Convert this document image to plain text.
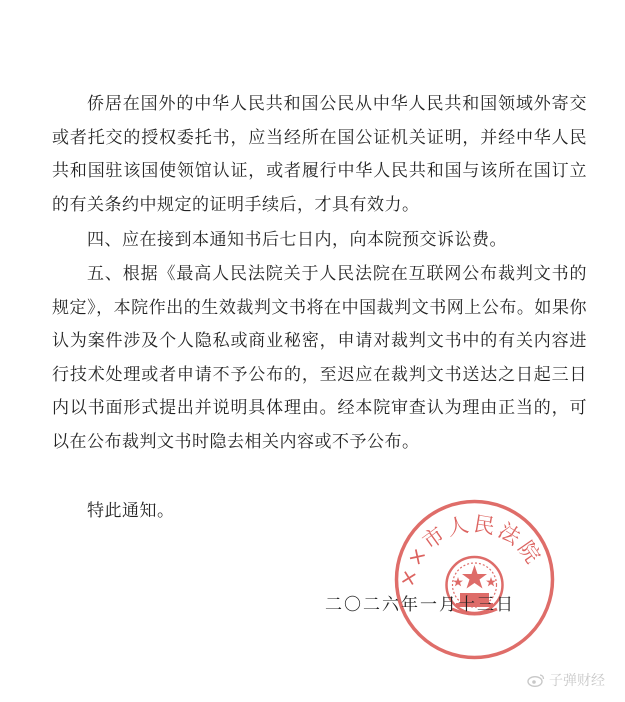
侨居在国外的中华人民共和国公民从中华人民共和国领域外寄交或者托交的授权委托书，应当经所在国公证机关证明，并经中华人民共和国驻该国使领馆认证，或者履行中华人民共和国与该所在国订立的有关条约中规定的证明手续后，才具有效力。

四、应在接到本通知书后七日内，向本院预交诉讼费。

五、根据《最高人民法院关于人民法院在互联网公布裁判文书的规定》，本院作出的生效裁判文书将在中国裁判文书网上公布。如果你认为案件涉及个人隐私或商业秘密，申请对裁判文书中的有关内容进行技术处理或者申请不予公布的，至迟应在裁判文书送达之日起三日内以书面形式提出并说明具体理由。经本院审查认为理由正当的，可以在公布裁判文书时隐去相关内容或不予公布。

特此通知。

××市人民法院
二〇二六年一月十三日
子弹财经
